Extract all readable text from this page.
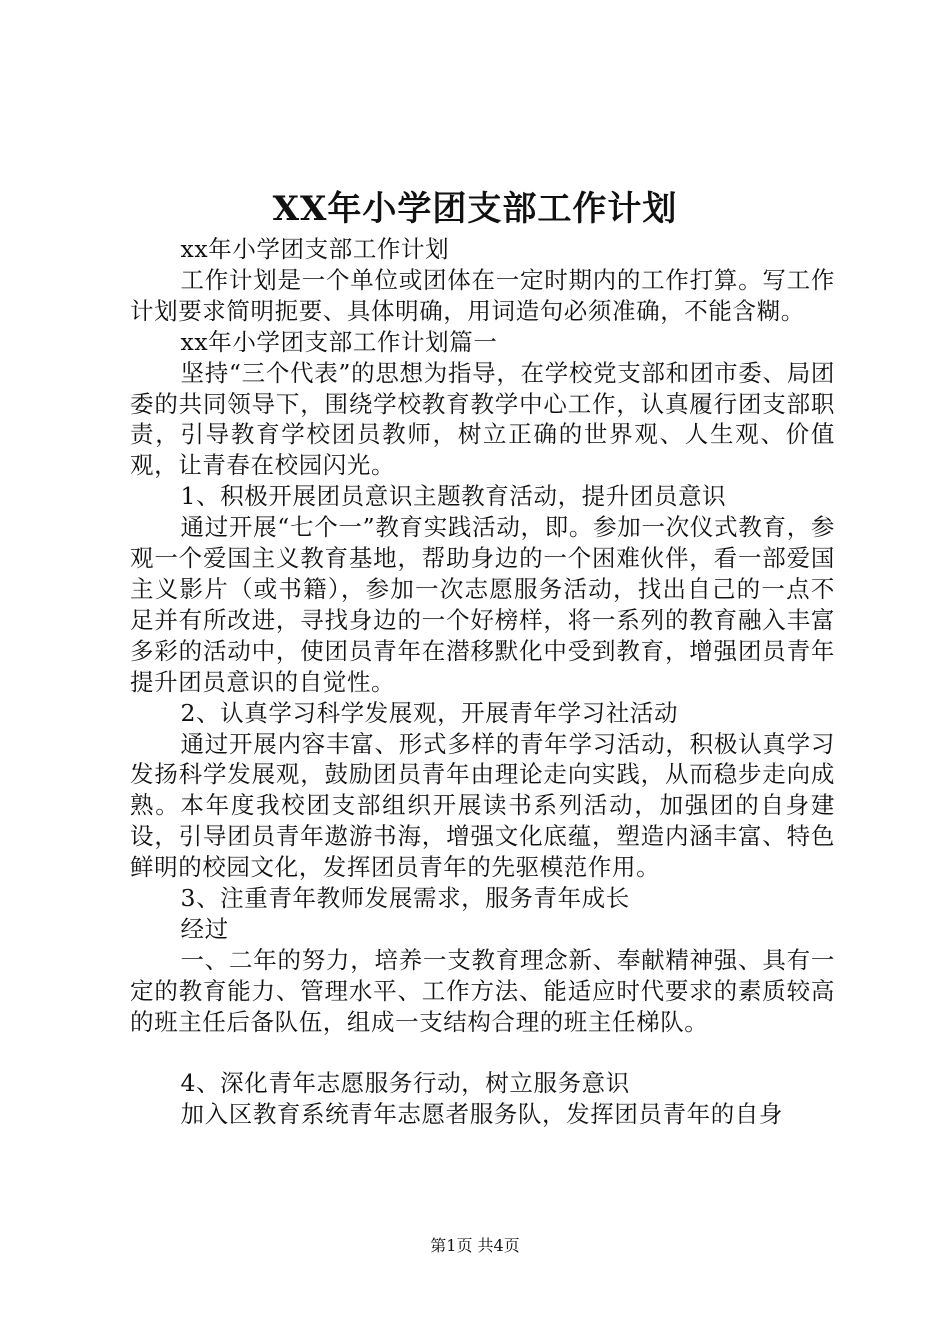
XX年小学团支部工作计划

xx年小学团支部工作计划

工作计划是一个单位或团体在一定时期内的工作打算。写工作计划要求简明扼要、具体明确，用词造句必须准确，不能含糊。

xx年小学团支部工作计划篇一

坚持“三个代表”的思想为指导，在学校党支部和团市委、局团委的共同领导下，围绕学校教育教学中心工作，认真履行团支部职责，引导教育学校团员教师，树立正确的世界观、人生观、价值观，让青春在校园闪光。

1、积极开展团员意识主题教育活动，提升团员意识

通过开展“七个一”教育实践活动，即。参加一次仪式教育，参观一个爱国主义教育基地，帮助身边的一个困难伙伴，看一部爱国主义影片（或书籍），参加一次志愿服务活动，找出自己的一点不足并有所改进，寻找身边的一个好榜样，将一系列的教育融入丰富多彩的活动中，使团员青年在潜移默化中受到教育，增强团员青年提升团员意识的自觉性。

2、认真学习科学发展观，开展青年学习社活动

通过开展内容丰富、形式多样的青年学习活动，积极认真学习发扬科学发展观，鼓励团员青年由理论走向实践，从而稳步走向成熟。本年度我校团支部组织开展读书系列活动，加强团的自身建设，引导团员青年遨游书海，增强文化底蕴，塑造内涵丰富、特色鲜明的校园文化，发挥团员青年的先驱模范作用。

3、注重青年教师发展需求，服务青年成长

经过

一、二年的努力，培养一支教育理念新、奉献精神强、具有一定的教育能力、管理水平、工作方法、能适应时代要求的素质较高的班主任后备队伍，组成一支结构合理的班主任梯队。

4、深化青年志愿服务行动，树立服务意识

加入区教育系统青年志愿者服务队，发挥团员青年的自身

第1页 共4页
